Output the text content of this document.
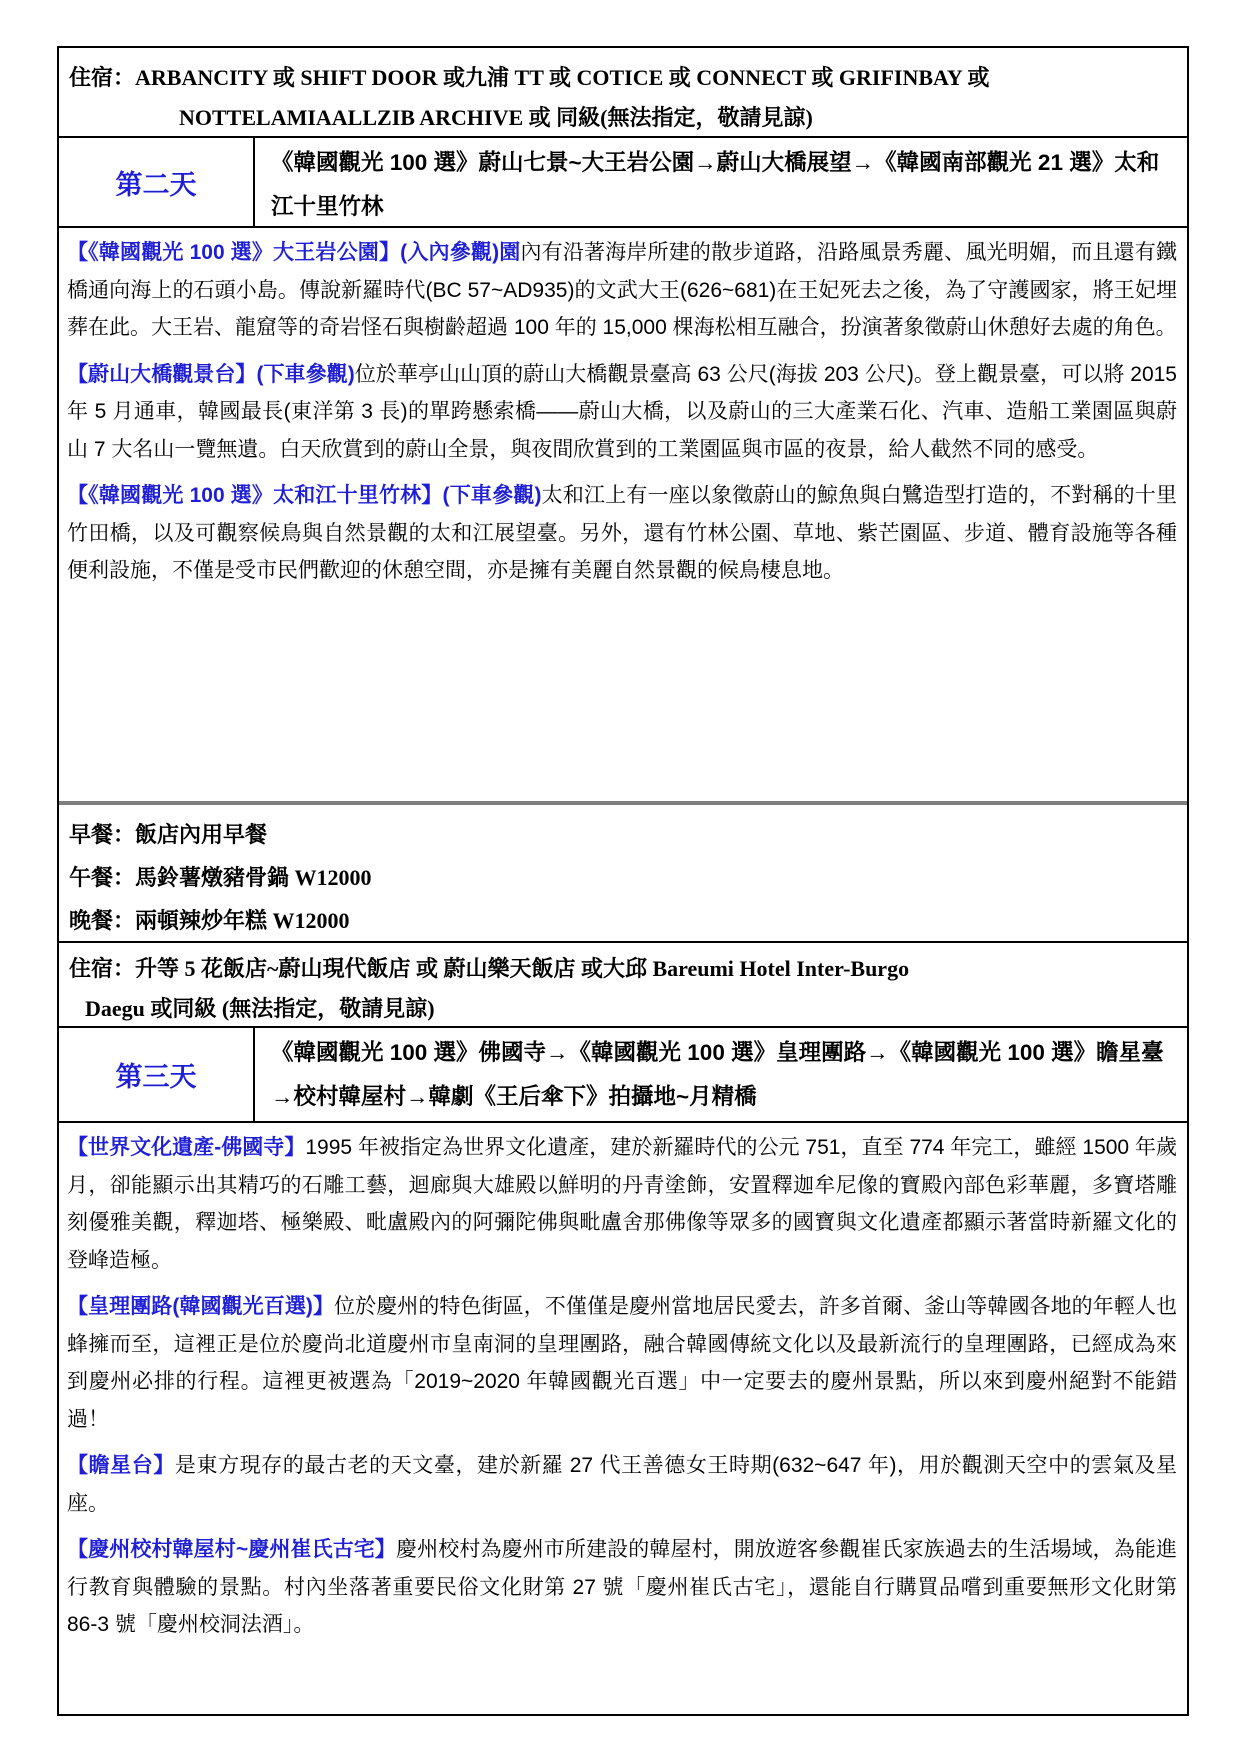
住宿：ARBANCITY 或 SHIFT DOOR 或九浦 TT 或 COTICE 或 CONNECT 或 GRIFINBAY 或
NOTTELAMIAALLZIB ARCHIVE 或 同級(無法指定，敬請見諒)
第二天
《韓國觀光 100 選》蔚山七景~大王岩公園→蔚山大橋展望→《韓國南部觀光 21 選》太和江十里竹林

【《韓國觀光 100 選》大王岩公園】(入內參觀)園內有沿著海岸所建的散步道路，沿路風景秀麗、風光明媚，而且還有鐵橋通向海上的石頭小島。傳說新羅時代(BC 57~AD935)的文武大王(626~681)在王妃死去之後，為了守護國家，將王妃埋葬在此。大王岩、龍窟等的奇岩怪石與樹齡超過 100 年的 15,000 棵海松相互融合，扮演著象徵蔚山休憩好去處的角色。

【蔚山大橋觀景台】(下車參觀)位於華亭山山頂的蔚山大橋觀景臺高 63 公尺(海拔 203 公尺)。登上觀景臺，可以將 2015 年 5 月通車，韓國最長(東洋第 3 長)的單跨懸索橋——蔚山大橋，以及蔚山的三大產業石化、汽車、造船工業園區與蔚山 7 大名山一覽無遺。白天欣賞到的蔚山全景，與夜間欣賞到的工業園區與市區的夜景，給人截然不同的感受。

【《韓國觀光 100 選》太和江十里竹林】(下車參觀)太和江上有一座以象徵蔚山的鯨魚與白鷺造型打造的，不對稱的十里竹田橋，以及可觀察候鳥與自然景觀的太和江展望臺。另外，還有竹林公園、草地、紫芒園區、步道、體育設施等各種便利設施，不僅是受市民們歡迎的休憩空間，亦是擁有美麗自然景觀的候鳥棲息地。

早餐：飯店內用早餐
午餐：馬鈴薯燉豬骨鍋 W12000
晚餐：兩頓辣炒年糕 W12000
住宿：升等 5 花飯店~蔚山現代飯店 或 蔚山樂天飯店 或大邱 Bareumi Hotel Inter-Burgo
Daegu 或同級 (無法指定，敬請見諒)
第三天
《韓國觀光 100 選》佛國寺→《韓國觀光 100 選》皇理團路→《韓國觀光 100 選》瞻星臺→校村韓屋村→韓劇《王后傘下》拍攝地~月精橋

【世界文化遺產-佛國寺】1995 年被指定為世界文化遺產，建於新羅時代的公元 751，直至 774 年完工，雖經 1500 年歲月，卻能顯示出其精巧的石雕工藝，迴廊與大雄殿以鮮明的丹青塗飾，安置釋迦牟尼像的寶殿內部色彩華麗，多寶塔雕刻優雅美觀，釋迦塔、極樂殿、毗盧殿內的阿彌陀佛與毗盧舍那佛像等眾多的國寶與文化遺產都顯示著當時新羅文化的登峰造極。

【皇理團路(韓國觀光百選)】位於慶州的特色街區，不僅僅是慶州當地居民愛去，許多首爾、釜山等韓國各地的年輕人也蜂擁而至，這裡正是位於慶尚北道慶州市皇南洞的皇理團路，融合韓國傳統文化以及最新流行的皇理團路，已經成為來到慶州必排的行程。這裡更被選為「2019~2020 年韓國觀光百選」中一定要去的慶州景點，所以來到慶州絕對不能錯過！

【瞻星台】是東方現存的最古老的天文臺，建於新羅 27 代王善德女王時期(632~647 年)，用於觀測天空中的雲氣及星座。

【慶州校村韓屋村~慶州崔氏古宅】慶州校村為慶州市所建設的韓屋村，開放遊客參觀崔氏家族過去的生活場域，為能進行教育與體驗的景點。村內坐落著重要民俗文化財第 27 號「慶州崔氏古宅」，還能自行購買品嚐到重要無形文化財第 86-3 號「慶州校洞法酒」。
